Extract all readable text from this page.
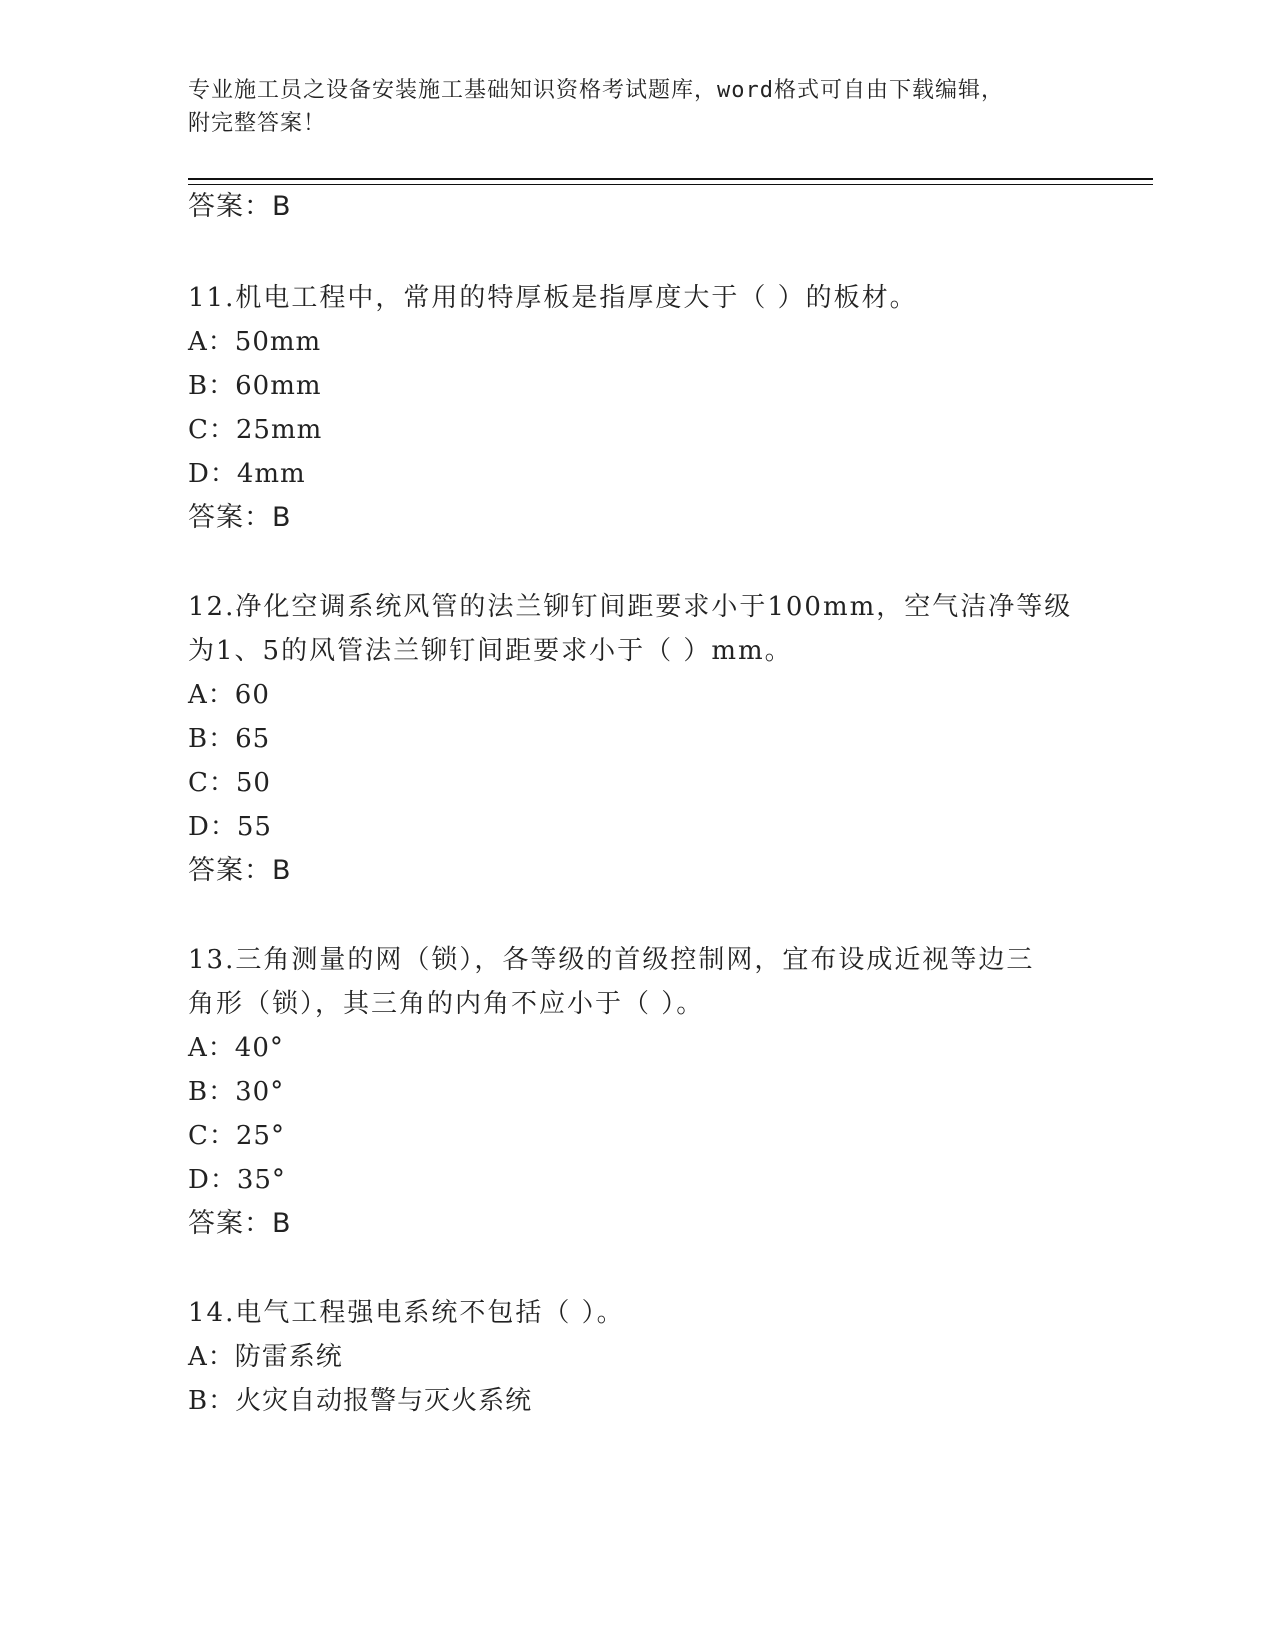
专业施工员之设备安装施工基础知识资格考试题库，word格式可自由下载编辑，
附完整答案！
答案：B
11.机电工程中，常用的特厚板是指厚度大于（ ）的板材。
A：50mm
B：60mm
C：25mm
D：4mm
答案：B
12.净化空调系统风管的法兰铆钉间距要求小于100mm，空气洁净等级
为1、5的风管法兰铆钉间距要求小于（ ）mm。
A：60
B：65
C：50
D：55
答案：B
13.三角测量的网（锁），各等级的首级控制网，宜布设成近视等边三
角形（锁），其三角的内角不应小于（ ）。
A：40°
B：30°
C：25°
D：35°
答案：B
14.电气工程强电系统不包括（ ）。
A：防雷系统
B：火灾自动报警与灭火系统
